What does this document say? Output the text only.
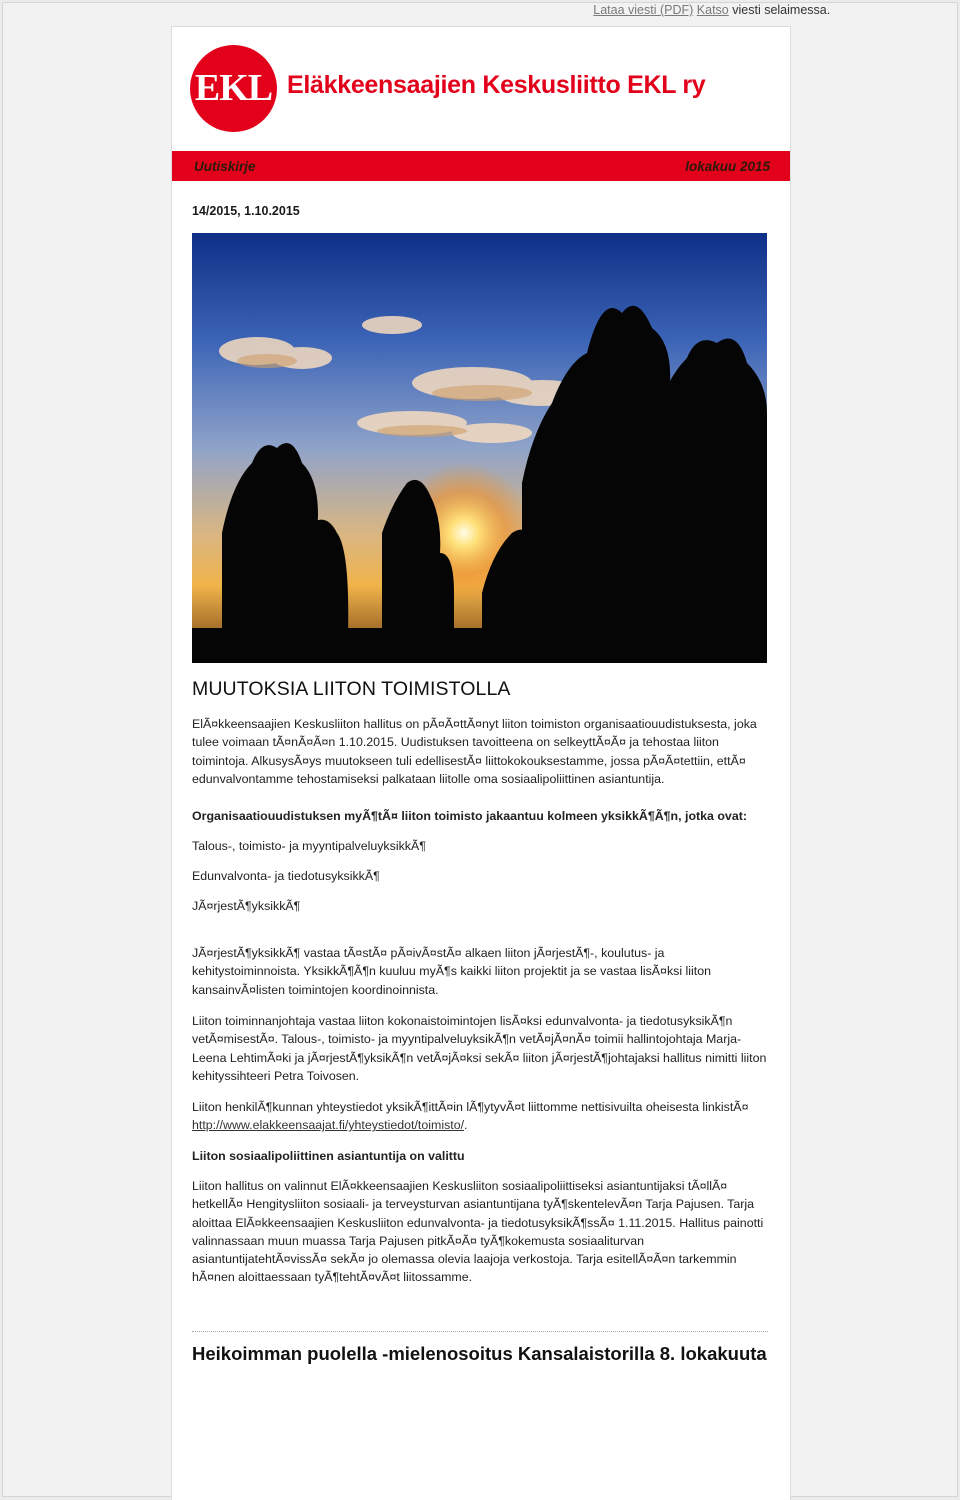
Lataa viesti (PDF) Katso viesti selaimessa.
EKL Eläkkeensaajien Keskusliitto EKL ry
Uutiskirje	lokakuu 2015
14/2015, 1.10.2015
MUUTOKSIA LIITON TOIMISTOLLA

ElÃ¤kkeensaajien Keskusliiton hallitus on pÃ¤Ã¤ttÃ¤nyt liiton toimiston organisaatiouudistuksesta, joka tulee voimaan tÃ¤nÃ¤Ã¤n 1.10.2015. Uudistuksen tavoitteena on selkeyttÃ¤Ã¤ ja tehostaa liiton toimintoja. AlkusysÃ¤ys muutokseen tuli edellisestÃ¤ liittokokouksestamme, jossa pÃ¤Ã¤tettiin, ettÃ¤ edunvalvontamme tehostamiseksi palkataan liitolle oma sosiaalipoliittinen asiantuntija.

Organisaatiouudistuksen myÃ¶tÃ¤ liiton toimisto jakaantuu kolmeen yksikkÃ¶Ã¶n, jotka ovat:

Talous-, toimisto- ja myyntipalveluyksikkÃ¶

Edunvalvonta- ja tiedotusyksikkÃ¶

JÃ¤rjestÃ¶yksikkÃ¶

JÃ¤rjestÃ¶yksikkÃ¶ vastaa tÃ¤stÃ¤ pÃ¤ivÃ¤stÃ¤ alkaen liiton jÃ¤rjestÃ¶-, koulutus- ja kehitystoiminnoista. YksikkÃ¶Ã¶n kuuluu myÃ¶s kaikki liiton projektit ja se vastaa lisÃ¤ksi liiton kansainvÃ¤listen toimintojen koordinoinnista.

Liiton toiminnanjohtaja vastaa liiton kokonaistoimintojen lisÃ¤ksi edunvalvonta- ja tiedotusyksikÃ¶n vetÃ¤misestÃ¤. Talous-, toimisto- ja myyntipalveluyksikÃ¶n vetÃ¤jÃ¤nÃ¤ toimii hallintojohtaja Marja-Leena LehtimÃ¤ki ja jÃ¤rjestÃ¶yksikÃ¶n vetÃ¤jÃ¤ksi sekÃ¤ liiton jÃ¤rjestÃ¶johtajaksi hallitus nimitti liiton kehityssihteeri Petra Toivosen.

Liiton henkilÃ¶kunnan yhteystiedot yksikÃ¶ittÃ¤in lÃ¶ytyvÃ¤t liittomme nettisivuilta oheisesta linkistÃ¤ http://www.elakkeensaajat.fi/yhteystiedot/toimisto/.

Liiton sosiaalipoliittinen asiantuntija on valittu

Liiton hallitus on valinnut ElÃ¤kkeensaajien Keskusliiton sosiaalipoliittiseksi asiantuntijaksi tÃ¤llÃ¤ hetkellÃ¤ Hengitysliiton sosiaali- ja terveysturvan asiantuntijana tyÃ¶skentelevÃ¤n Tarja Pajusen. Tarja aloittaa ElÃ¤kkeensaajien Keskusliiton edunvalvonta- ja tiedotusyksikÃ¶ssÃ¤ 1.11.2015. Hallitus painotti valinnassaan muun muassa Tarja Pajusen pitkÃ¤Ã¤ tyÃ¶kokemusta sosiaaliturvan asiantuntijatehtÃ¤vissÃ¤ sekÃ¤ jo olemassa olevia laajoja verkostoja. Tarja esitellÃ¤Ã¤n tarkemmin hÃ¤nen aloittaessaan tyÃ¶tehtÃ¤vÃ¤t liitossamme.

Heikoimman puolella -mielenosoitus Kansalaistorilla 8. lokakuuta
